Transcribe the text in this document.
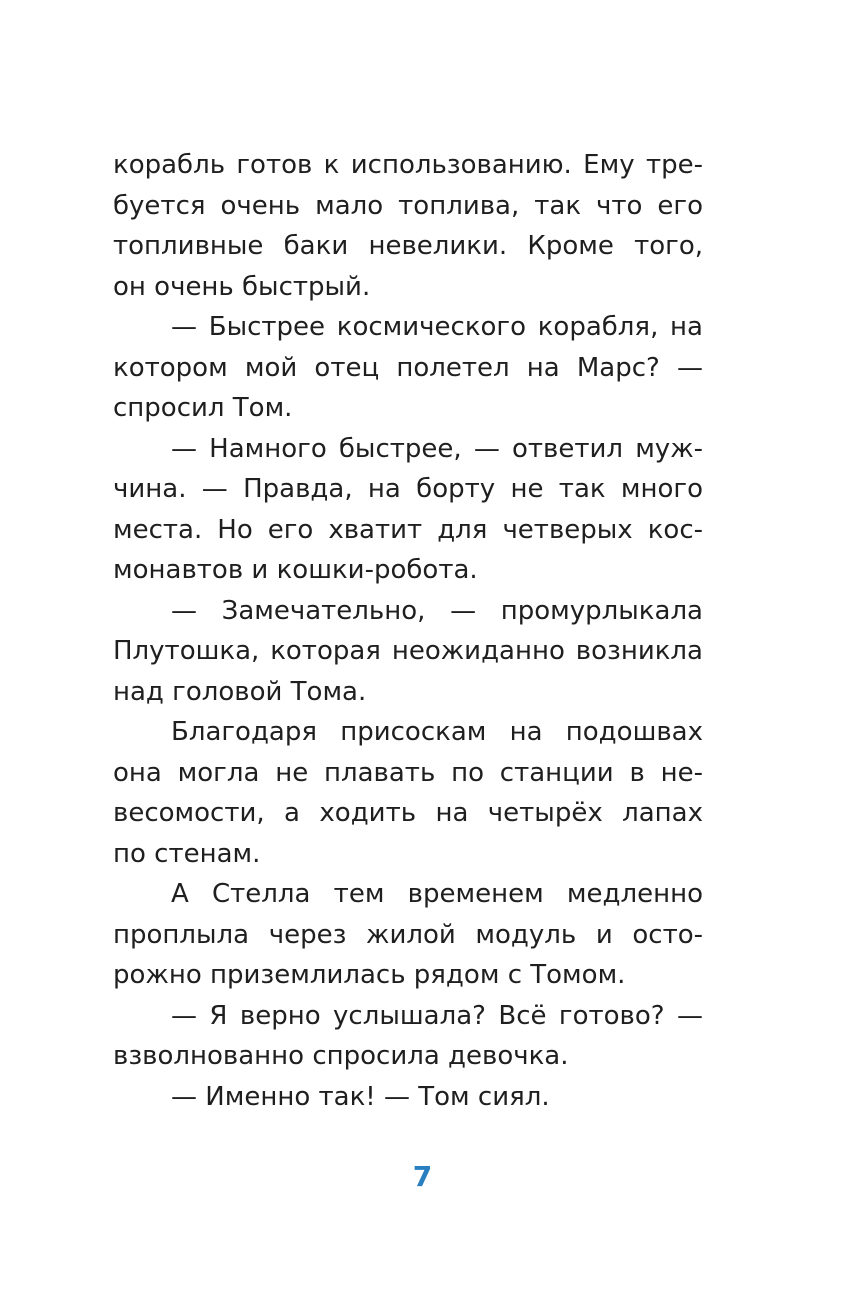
корабль готов к использованию. Ему тре-
буется очень мало топлива, так что его
топливные баки невелики. Кроме того,
он очень быстрый.
— Быстрее космического корабля, на
котором мой отец полетел на Марс? —
спросил Том.
— Намного быстрее, — ответил муж-
чина. — Правда, на борту не так много
места. Но его хватит для четверых кос-
монавтов и кошки-робота.
— Замечательно, — промурлыкала
Плутошка, которая неожиданно возникла
над головой Тома.
Благодаря присоскам на подошвах
она могла не плавать по станции в не-
весомости, а ходить на четырёх лапах
по стенам.
А Стелла тем временем медленно
проплыла через жилой модуль и осто-
рожно приземлилась рядом с Томом.
— Я верно услышала? Всё готово? —
взволнованно спросила девочка.
— Именно так! — Том сиял.
7
